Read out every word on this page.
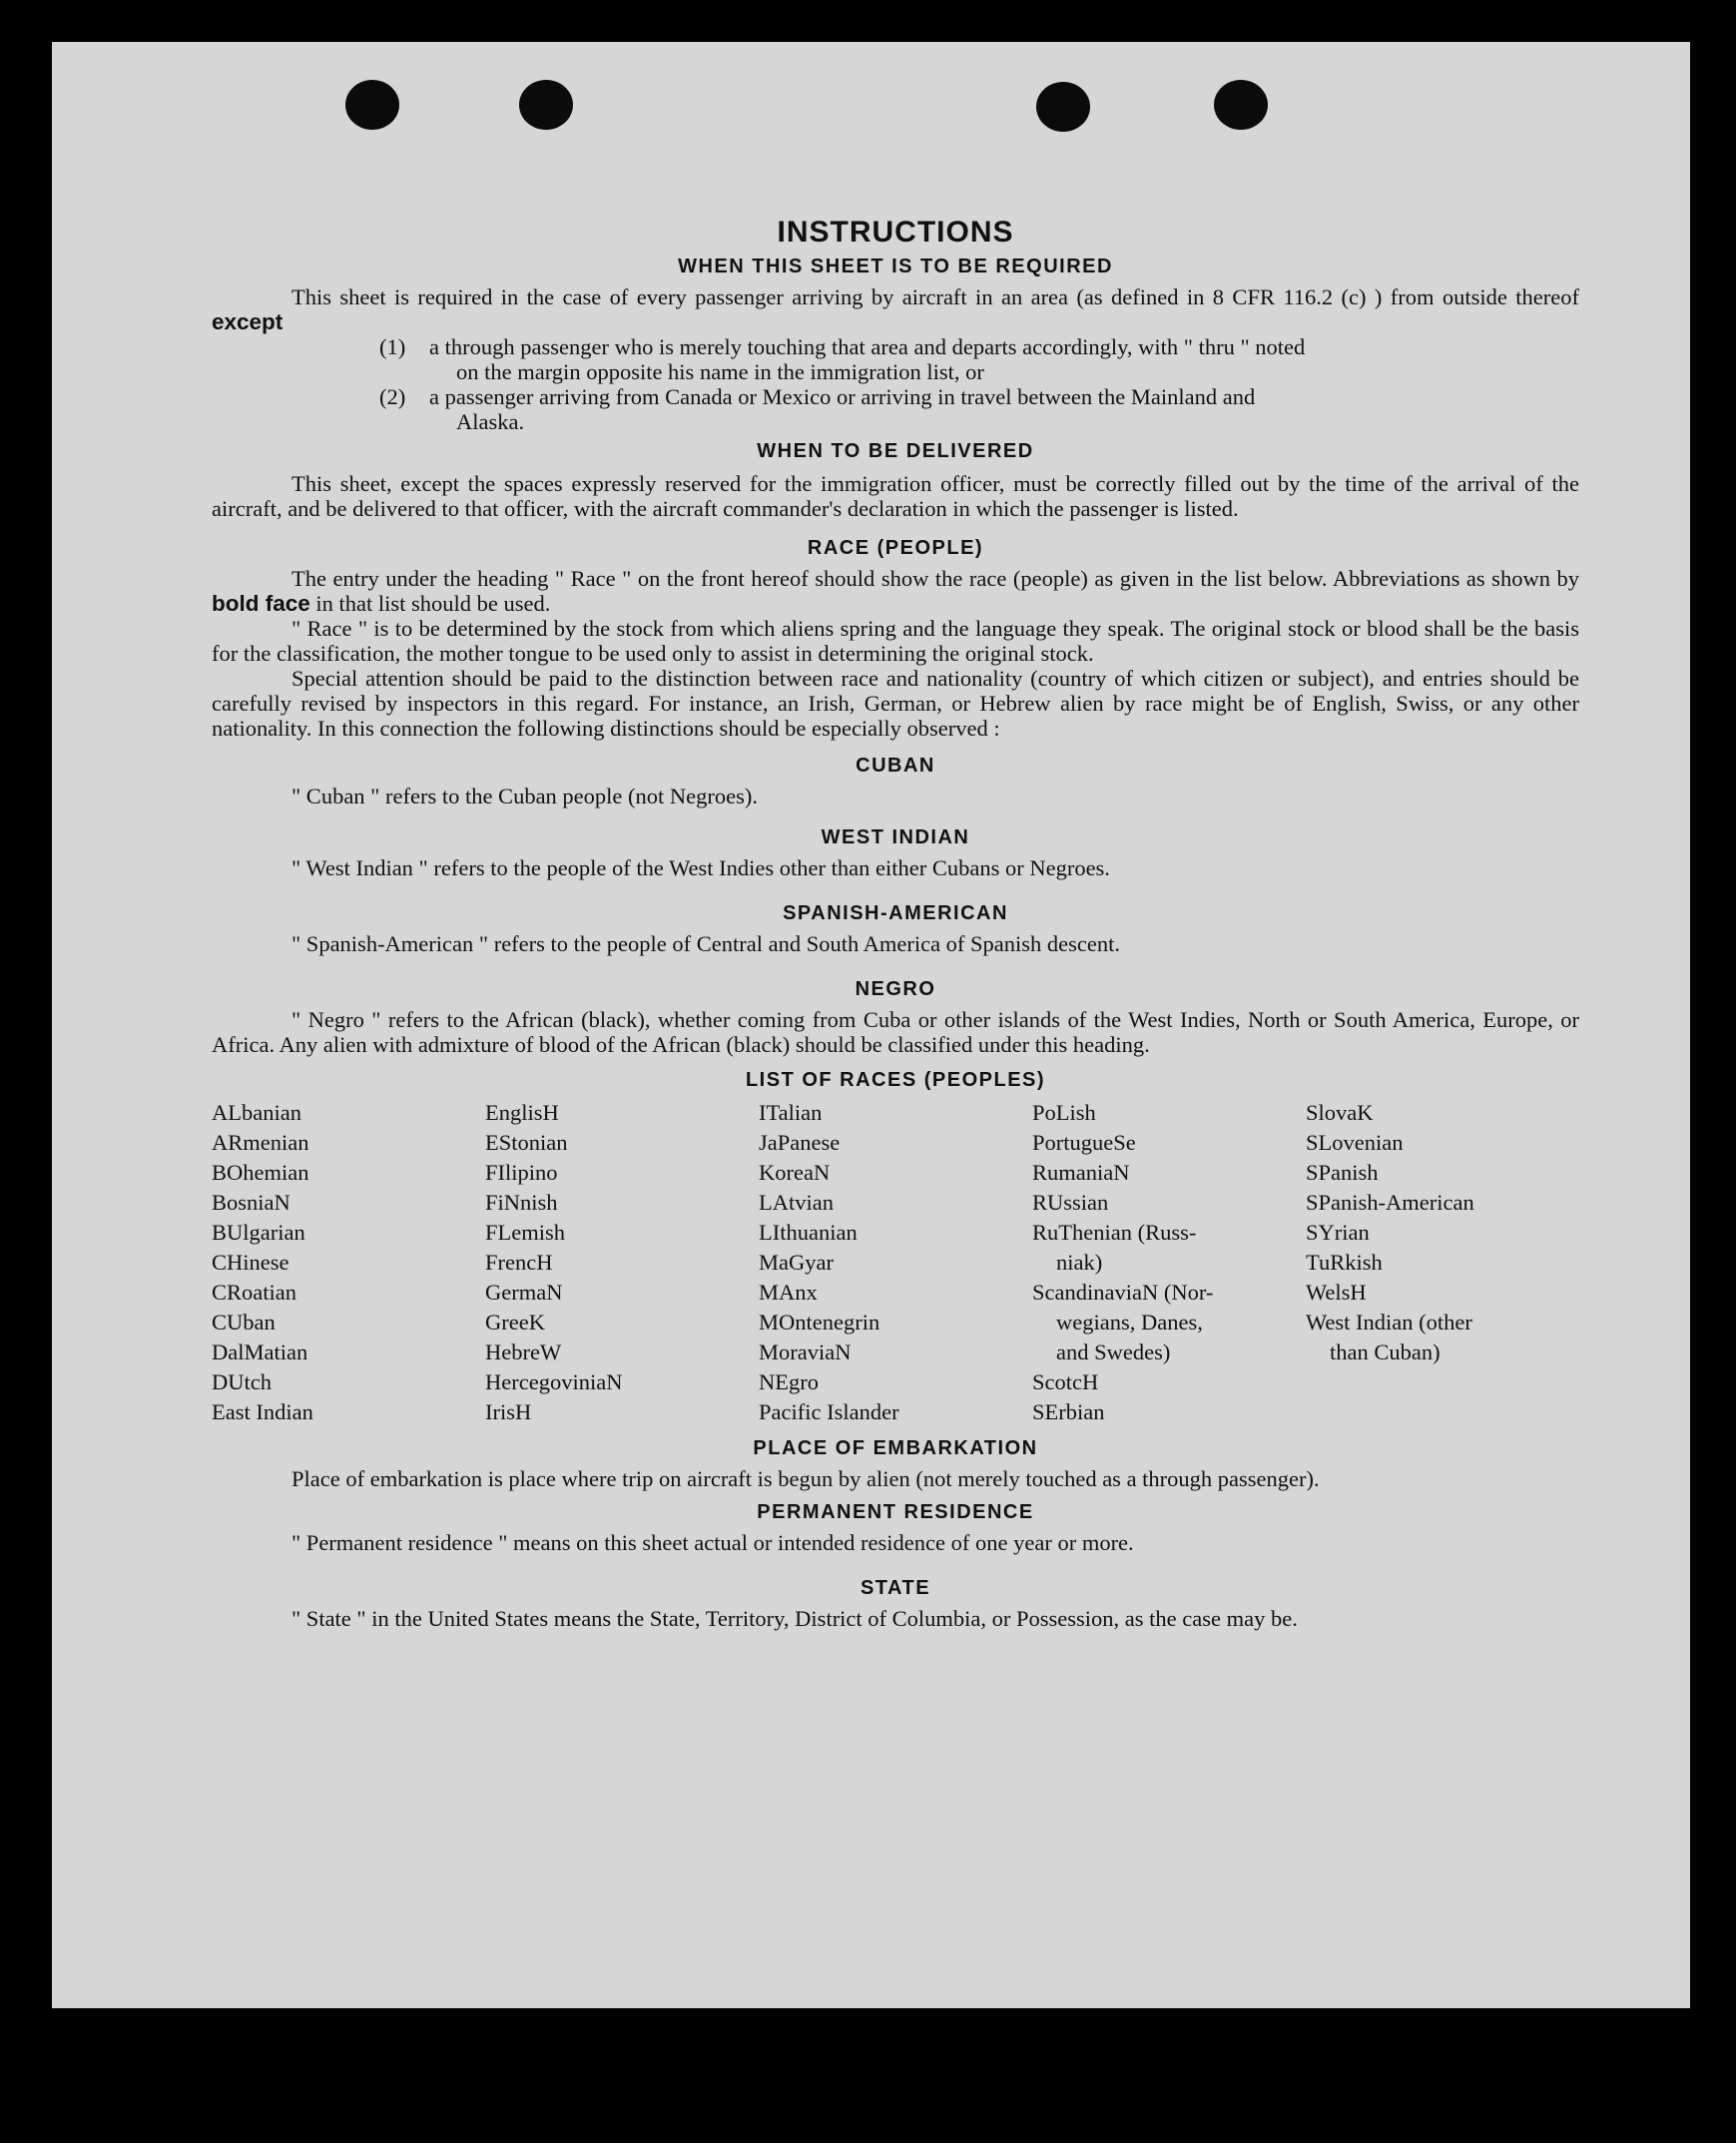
INSTRUCTIONS
WHEN THIS SHEET IS TO BE REQUIRED

This sheet is required in the case of every passenger arriving by aircraft in an area (as defined in 8 CFR 116.2 (c) ) from outside thereof except

(1)	a through passenger who is merely touching that area and departs accordingly, with " thru " noted
on the margin opposite his name in the immigration list, or
(2)	a passenger arriving from Canada or Mexico or arriving in travel between the Mainland and
Alaska.
WHEN TO BE DELIVERED

This sheet, except the spaces expressly reserved for the immigration officer, must be correctly filled out by the time of the arrival of the aircraft, and be delivered to that officer, with the aircraft commander's declaration in which the passenger is listed.

RACE (PEOPLE)

The entry under the heading " Race " on the front hereof should show the race (people) as given in the list below. Abbreviations as shown by bold face in that list should be used.

" Race " is to be determined by the stock from which aliens spring and the language they speak. The original stock or blood shall be the basis for the classification, the mother tongue to be used only to assist in determining the original stock.

Special attention should be paid to the distinction between race and nationality (country of which citizen or subject), and entries should be carefully revised by inspectors in this regard. For instance, an Irish, German, or Hebrew alien by race might be of English, Swiss, or any other nationality. In this connection the following distinctions should be especially observed :

CUBAN

" Cuban " refers to the Cuban people (not Negroes).

WEST INDIAN

" West Indian " refers to the people of the West Indies other than either Cubans or Negroes.

SPANISH-AMERICAN

" Spanish-American " refers to the people of Central and South America of Spanish descent.

NEGRO

" Negro " refers to the African (black), whether coming from Cuba or other islands of the West Indies, North or South America, Europe, or Africa. Any alien with admixture of blood of the African (black) should be classified under this heading.

LIST OF RACES (PEOPLES)
ALbanian
ARmenian
BOhemian
BosniaN
BUlgarian
CHinese
CRoatian
CUban
DalMatian
DUtch
East Indian
EnglisH
EStonian
FIlipino
FiNnish
FLemish
FrencH
GermaN
GreeK
HebreW
HercegoviniaN
IrisH
ITalian
JaPanese
KoreaN
LAtvian
LIthuanian
MaGyar
MAnx
MOntenegrin
MoraviaN
NEgro
Pacific Islander
PoLish
PortugueSe
RumaniaN
RUssian
RuThenian (Russ-
niak)
ScandinaviaN (Nor-
wegians, Danes,
and Swedes)
ScotcH
SErbian
SlovaK
SLovenian
SPanish
SPanish-American
SYrian
TuRkish
WelsH
West Indian (other
than Cuban)
PLACE OF EMBARKATION

Place of embarkation is place where trip on aircraft is begun by alien (not merely touched as a through passenger).

PERMANENT RESIDENCE

" Permanent residence " means on this sheet actual or intended residence of one year or more.

STATE

" State " in the United States means the State, Territory, District of Columbia, or Possession, as the case may be.
